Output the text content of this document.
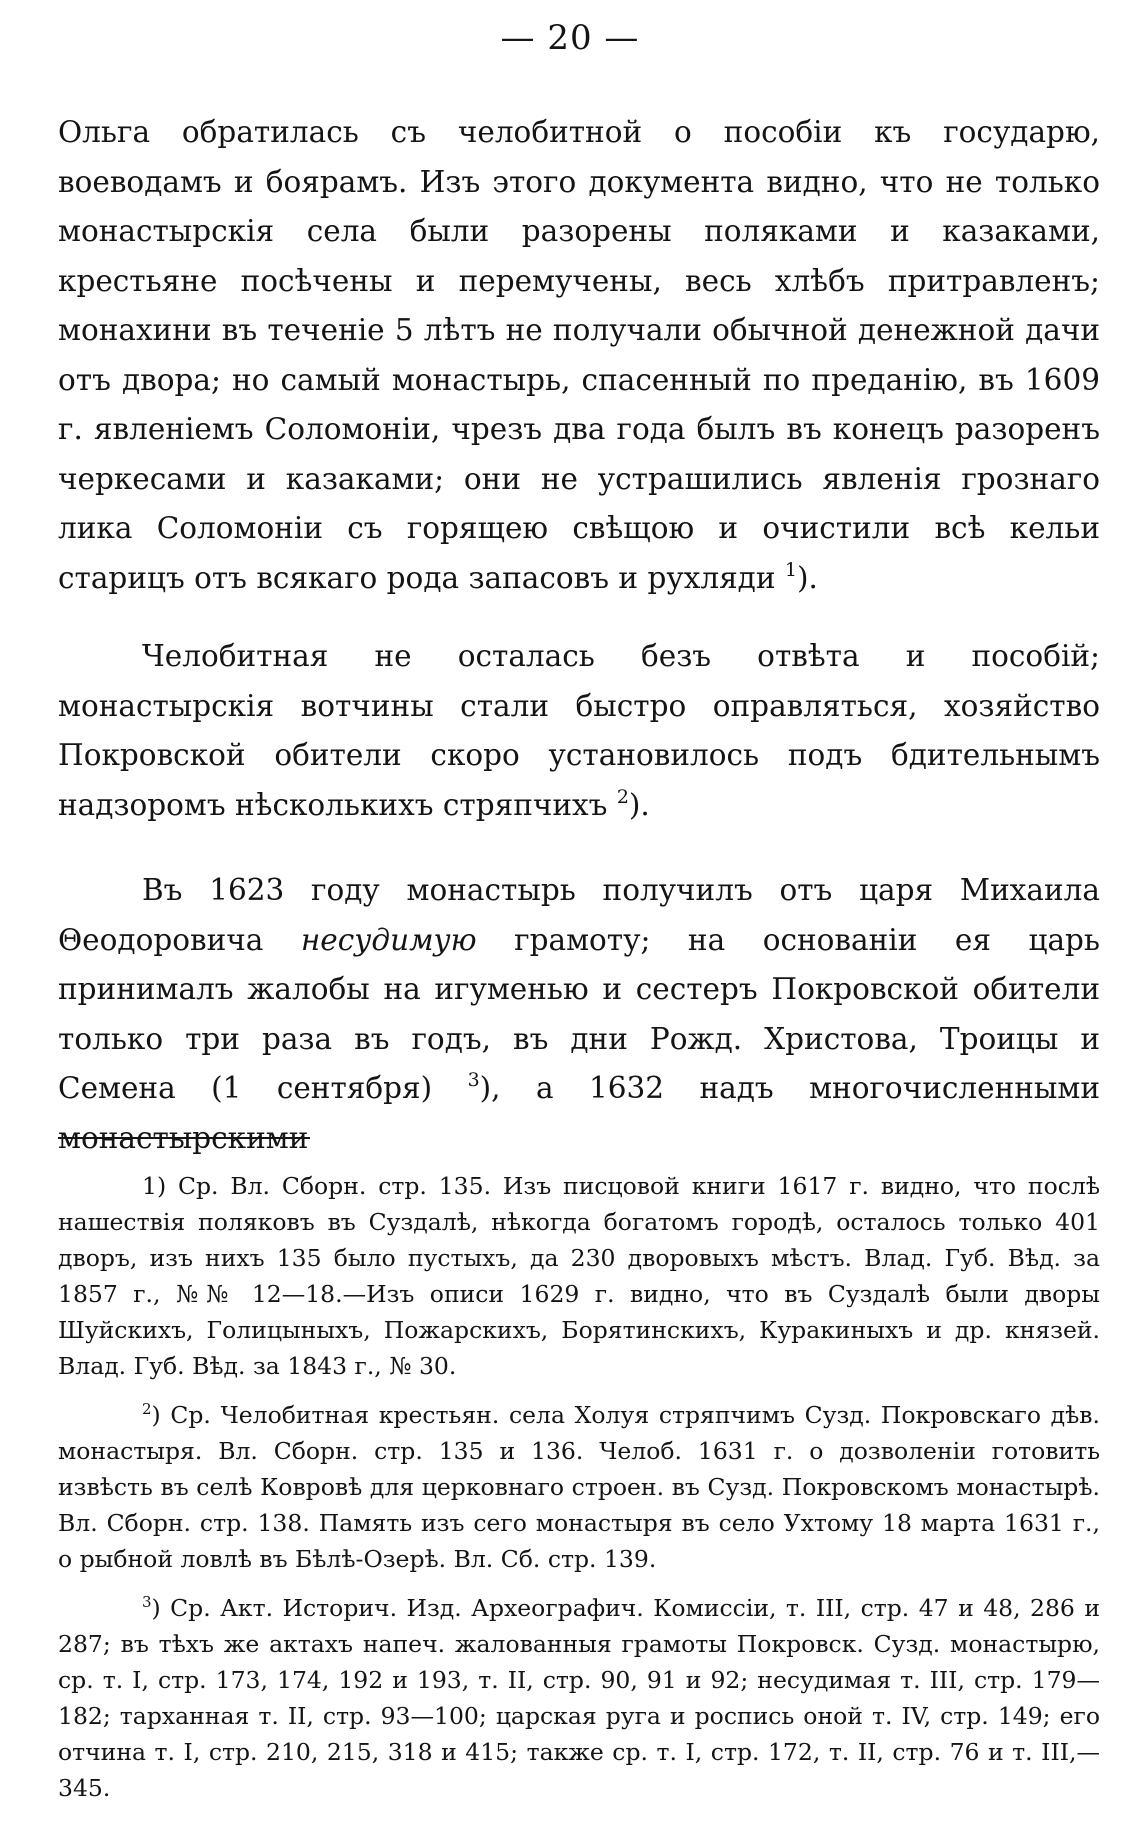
— 20 —

Ольга обратилась съ челобитной о пособіи къ государю, воеводамъ и боярамъ. Изъ этого документа видно, что не только монастырскія села были разорены поляками и казаками, крестьяне посѣчены и перемучены, весь хлѣбъ притравленъ; монахини въ теченіе 5 лѣтъ не получали обычной денежной дачи отъ двора; но самый монастырь, спасенный по преданію, въ 1609 г. явленіемъ Соломоніи, чрезъ два года былъ въ конецъ разоренъ черкесами и казаками; они не устрашились явленія грознаго лика Соломоніи съ горящею свѣщою и очистили всѣ кельи старицъ отъ всякаго рода запасовъ и рухляди $^1$).

Челобитная не осталась безъ отвѣта и пособій; монастырскія вотчины стали быстро оправляться, хозяйство Покровской обители скоро установилось подъ бдительнымъ надзоромъ нѣсколькихъ стряпчихъ $^2$).

Въ 1623 году монастырь получилъ отъ царя Михаила Θеодоровича несудимую грамоту; на основаніи ея царь принималъ жалобы на игуменью и сестеръ Покровской обители только три раза въ годъ, въ дни Рожд. Христова, Троицы и Семена (1 сентября) $^3$), а 1632 надъ многочисленными монастырскими

1) Ср. Вл. Сборн. стр. 135. Изъ писцовой книги 1617 г. видно, что послѣ нашествія поляковъ въ Суздалѣ, нѣкогда богатомъ городѣ, осталось только 401 дворъ, изъ нихъ 135 было пустыхъ, да 230 дворовыхъ мѣстъ. Влад. Губ. Вѣд. за 1857 г., №№ 12—18.—Изъ описи 1629 г. видно, что въ Суздалѣ были дворы Шуйскихъ, Голицыныхъ, Пожарскихъ, Борятинскихъ, Куракиныхъ и др. князей. Влад. Губ. Вѣд. за 1843 г., № 30.

$^2$) Ср. Челобитная крестьян. села Холуя стряпчимъ Сузд. Покровскаго дѣв. монастыря. Вл. Сборн. стр. 135 и 136. Челоб. 1631 г. о дозволеніи готовить извѣсть въ селѣ Ковровѣ для церковнаго строен. въ Сузд. Покровскомъ монастырѣ. Вл. Сборн. стр. 138. Память изъ сего монастыря въ село Ухтому 18 марта 1631 г., о рыбной ловлѣ въ Бѣлѣ-Озерѣ. Вл. Сб. стр. 139.

$^3$) Ср. Акт. Историч. Изд. Археографич. Комиссіи, т. III, стр. 47 и 48, 286 и 287; въ тѣхъ же актахъ напеч. жалованныя грамоты Покровск. Сузд. монастырю, ср. т. I, стр. 173, 174, 192 и 193, т. II, стр. 90, 91 и 92; несудимая т. III, стр. 179—182; тарханная т. II, стр. 93—100; царская руга и роспись оной т. IV, стр. 149; его отчина т. I, стр. 210, 215, 318 и 415; также ср. т. I, стр. 172, т. II, стр. 76 и т. III,—345.
